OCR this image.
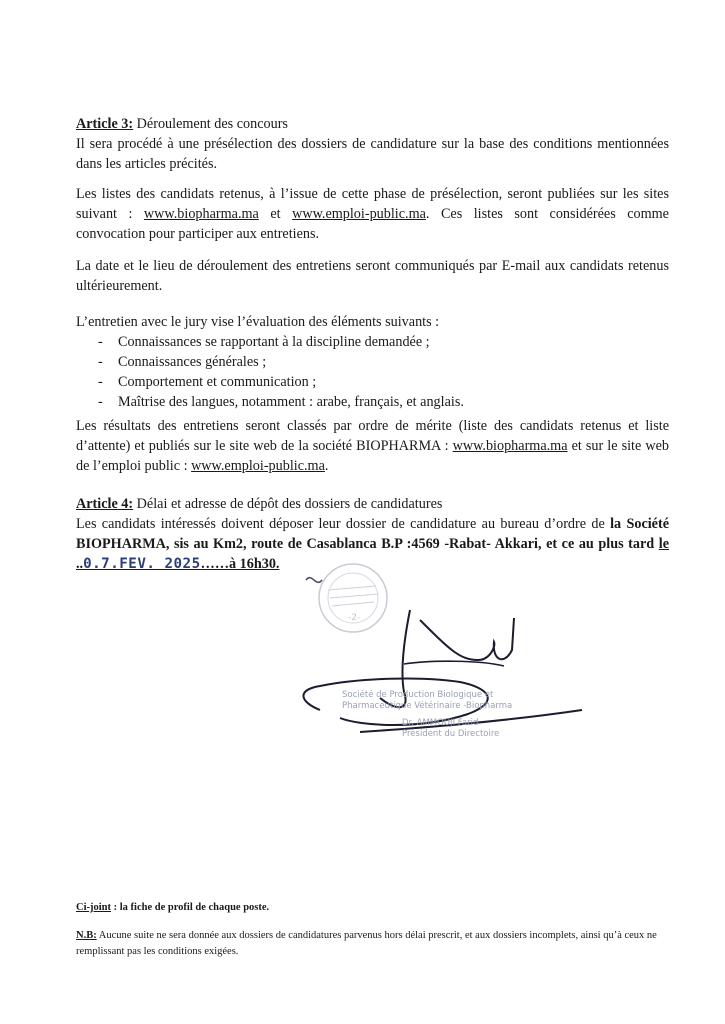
Article 3: Déroulement des concours
Il sera procédé à une présélection des dossiers de candidature sur la base des conditions mentionnées dans les articles précités.
Les listes des candidats retenus, à l’issue de cette phase de présélection, seront publiées sur les sites suivant : www.biopharma.ma et www.emploi-public.ma. Ces listes sont considérées comme convocation pour participer aux entretiens.
La date et le lieu de déroulement des entretiens seront communiqués par E-mail aux candidats retenus ultérieurement.
L’entretien avec le jury vise l’évaluation des éléments suivants :
- Connaissances se rapportant à la discipline demandée ;
- Connaissances générales ;
- Comportement et communication ;
- Maîtrise des langues, notamment : arabe, français, et anglais.
Les résultats des entretiens seront classés par ordre de mérite (liste des candidats retenus et liste d’attente) et publiés sur le site web de la société BIOPHARMA : www.biopharma.ma et sur le site web de l’emploi public : www.emploi-public.ma.
Article 4: Délai et adresse de dépôt des dossiers de candidatures
Les candidats intéressés doivent déposer leur dossier de candidature au bureau d’ordre de la Société BIOPHARMA, sis au Km2, route de Casablanca B.P :4569 -Rabat- Akkari, et ce au plus tard le ..0.7.FEV. 2025……à 16h30.
-2-
Société de Production Biologique et Pharmaceutique Vétérinaire -Biopharma
Dr. AMMOUJI Farid
Président du Directoire
Ci-joint : la fiche de profil de chaque poste.
N.B: Aucune suite ne sera donnée aux dossiers de candidatures parvenus hors délai prescrit, et aux dossiers incomplets, ainsi qu’à ceux ne remplissant pas les conditions exigées.
